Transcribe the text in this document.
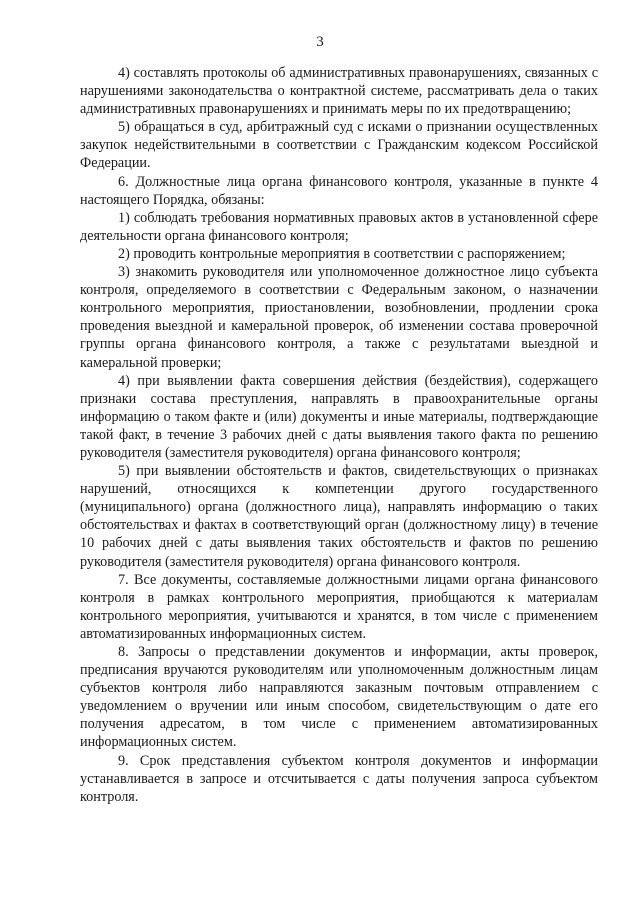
3

4) составлять протоколы об административных правонарушениях, связанных с нарушениями законодательства о контрактной системе, рассматривать дела о таких административных правонарушениях и принимать меры по их предотвращению;

5) обращаться в суд, арбитражный суд с исками о признании осуществленных закупок недействительными в соответствии с Гражданским кодексом Российской Федерации.

6. Должностные лица органа финансового контроля, указанные в пункте 4 настоящего Порядка, обязаны:

1) соблюдать требования нормативных правовых актов в установленной сфере деятельности органа финансового контроля;

2) проводить контрольные мероприятия в соответствии с распоряжением;

3) знакомить руководителя или уполномоченное должностное лицо субъекта контроля, определяемого в соответствии с Федеральным законом, о назначении контрольного мероприятия, приостановлении, возобновлении, продлении срока проведения выездной и камеральной проверок, об изменении состава проверочной группы органа финансового контроля, а также с результатами выездной и камеральной проверки;

4) при выявлении факта совершения действия (бездействия), содержащего признаки состава преступления, направлять в правоохранительные органы информацию о таком факте и (или) документы и иные материалы, подтверждающие такой факт, в течение 3 рабочих дней с даты выявления такого факта по решению руководителя (заместителя руководителя) органа финансового контроля;

5) при выявлении обстоятельств и фактов, свидетельствующих о признаках нарушений, относящихся к компетенции другого государственного (муниципального) органа (должностного лица), направлять информацию о таких обстоятельствах и фактах в соответствующий орган (должностному лицу) в течение 10 рабочих дней с даты выявления таких обстоятельств и фактов по решению руководителя (заместителя руководителя) органа финансового контроля.

7. Все документы, составляемые должностными лицами органа финансового контроля в рамках контрольного мероприятия, приобщаются к материалам контрольного мероприятия, учитываются и хранятся, в том числе с применением автоматизированных информационных систем.

8. Запросы о представлении документов и информации, акты проверок, предписания вручаются руководителям или уполномоченным должностным лицам субъектов контроля либо направляются заказным почтовым отправлением с уведомлением о вручении или иным способом, свидетельствующим о дате его получения адресатом, в том числе с применением автоматизированных информационных систем.

9. Срок представления субъектом контроля документов и информации устанавливается в запросе и отсчитывается с даты получения запроса субъектом контроля.
